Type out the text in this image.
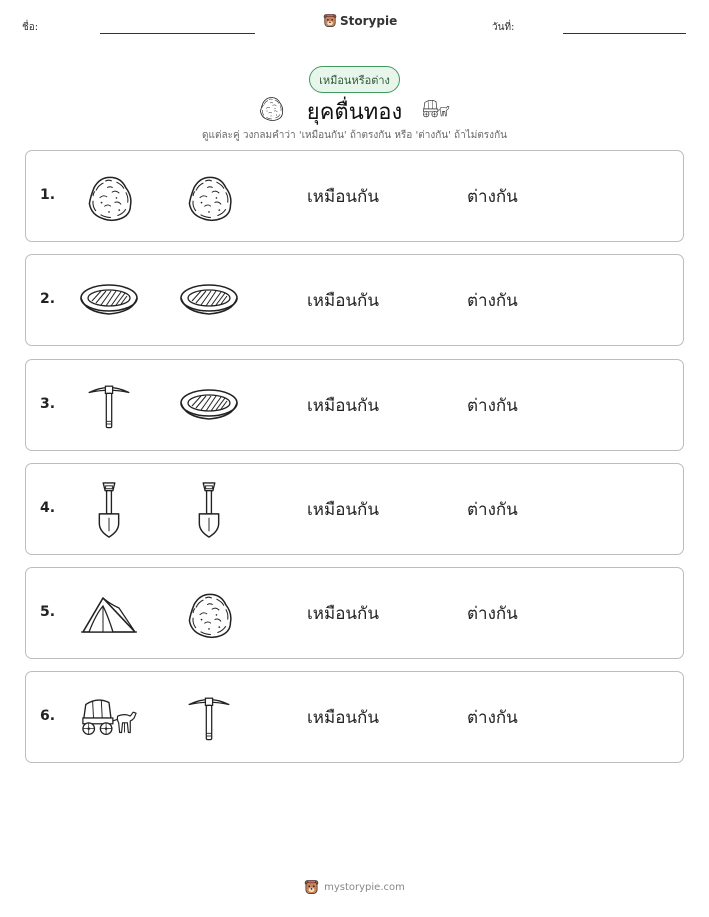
ชื่อ:	Storypie	วันที่:
เหมือนหรือต่าง
ยุคตื่นทอง
ดูแต่ละคู่ วงกลมคำว่า 'เหมือนกัน' ถ้าตรงกัน หรือ 'ต่างกัน' ถ้าไม่ตรงกัน
1.	เหมือนกัน	ต่างกัน
2.	เหมือนกัน	ต่างกัน
3.	เหมือนกัน	ต่างกัน
4.	เหมือนกัน	ต่างกัน
5.	เหมือนกัน	ต่างกัน
6.	เหมือนกัน	ต่างกัน
mystorypie.com
